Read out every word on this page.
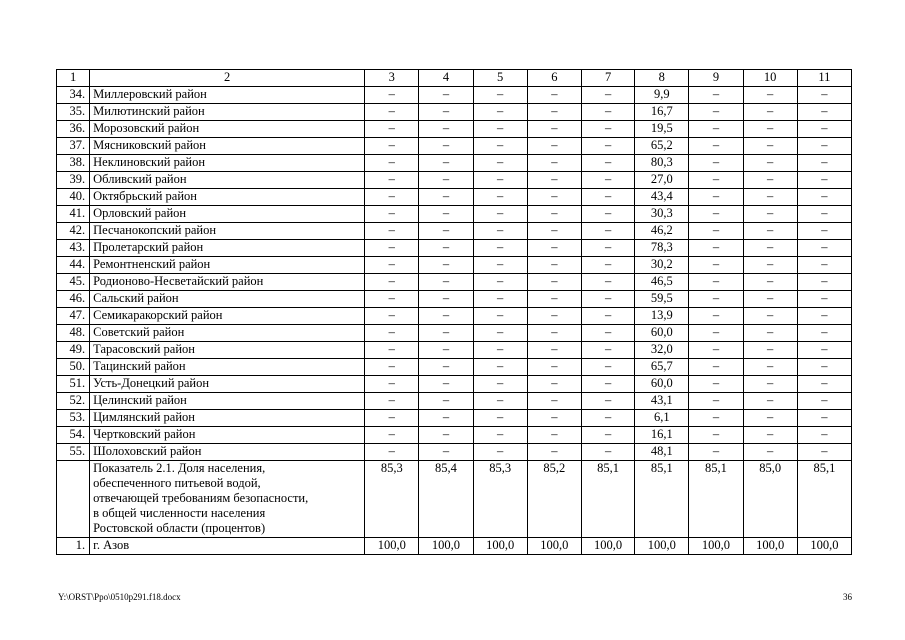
1	2	3	4	5	6	7	8	9	10	11
34.	Миллеровский район	–	–	–	–	–	9,9	–	–	–
35.	Милютинский район	–	–	–	–	–	16,7	–	–	–
36.	Морозовский район	–	–	–	–	–	19,5	–	–	–
37.	Мясниковский район	–	–	–	–	–	65,2	–	–	–
38.	Неклиновский район	–	–	–	–	–	80,3	–	–	–
39.	Обливский район	–	–	–	–	–	27,0	–	–	–
40.	Октябрьский район	–	–	–	–	–	43,4	–	–	–
41.	Орловский район	–	–	–	–	–	30,3	–	–	–
42.	Песчанокопский район	–	–	–	–	–	46,2	–	–	–
43.	Пролетарский район	–	–	–	–	–	78,3	–	–	–
44.	Ремонтненский район	–	–	–	–	–	30,2	–	–	–
45.	Родионово-Несветайский район	–	–	–	–	–	46,5	–	–	–
46.	Сальский район	–	–	–	–	–	59,5	–	–	–
47.	Семикаракорский район	–	–	–	–	–	13,9	–	–	–
48.	Советский район	–	–	–	–	–	60,0	–	–	–
49.	Тарасовский район	–	–	–	–	–	32,0	–	–	–
50.	Тацинский район	–	–	–	–	–	65,7	–	–	–
51.	Усть-Донецкий район	–	–	–	–	–	60,0	–	–	–
52.	Целинский район	–	–	–	–	–	43,1	–	–	–
53.	Цимлянский район	–	–	–	–	–	6,1	–	–	–
54.	Чертковский район	–	–	–	–	–	16,1	–	–	–
55.	Шолоховский район	–	–	–	–	–	48,1	–	–	–
	Показатель 2.1. Доля населения,
обеспеченного питьевой водой,
отвечающей требованиям безопасности,
в общей численности населения
Ростовской области (процентов)	85,3	85,4	85,3	85,2	85,1	85,1	85,1	85,0	85,1
1.	г. Азов	100,0	100,0	100,0	100,0	100,0	100,0	100,0	100,0	100,0
Y:\ORST\Ppo\0510p291.f18.docx	36
